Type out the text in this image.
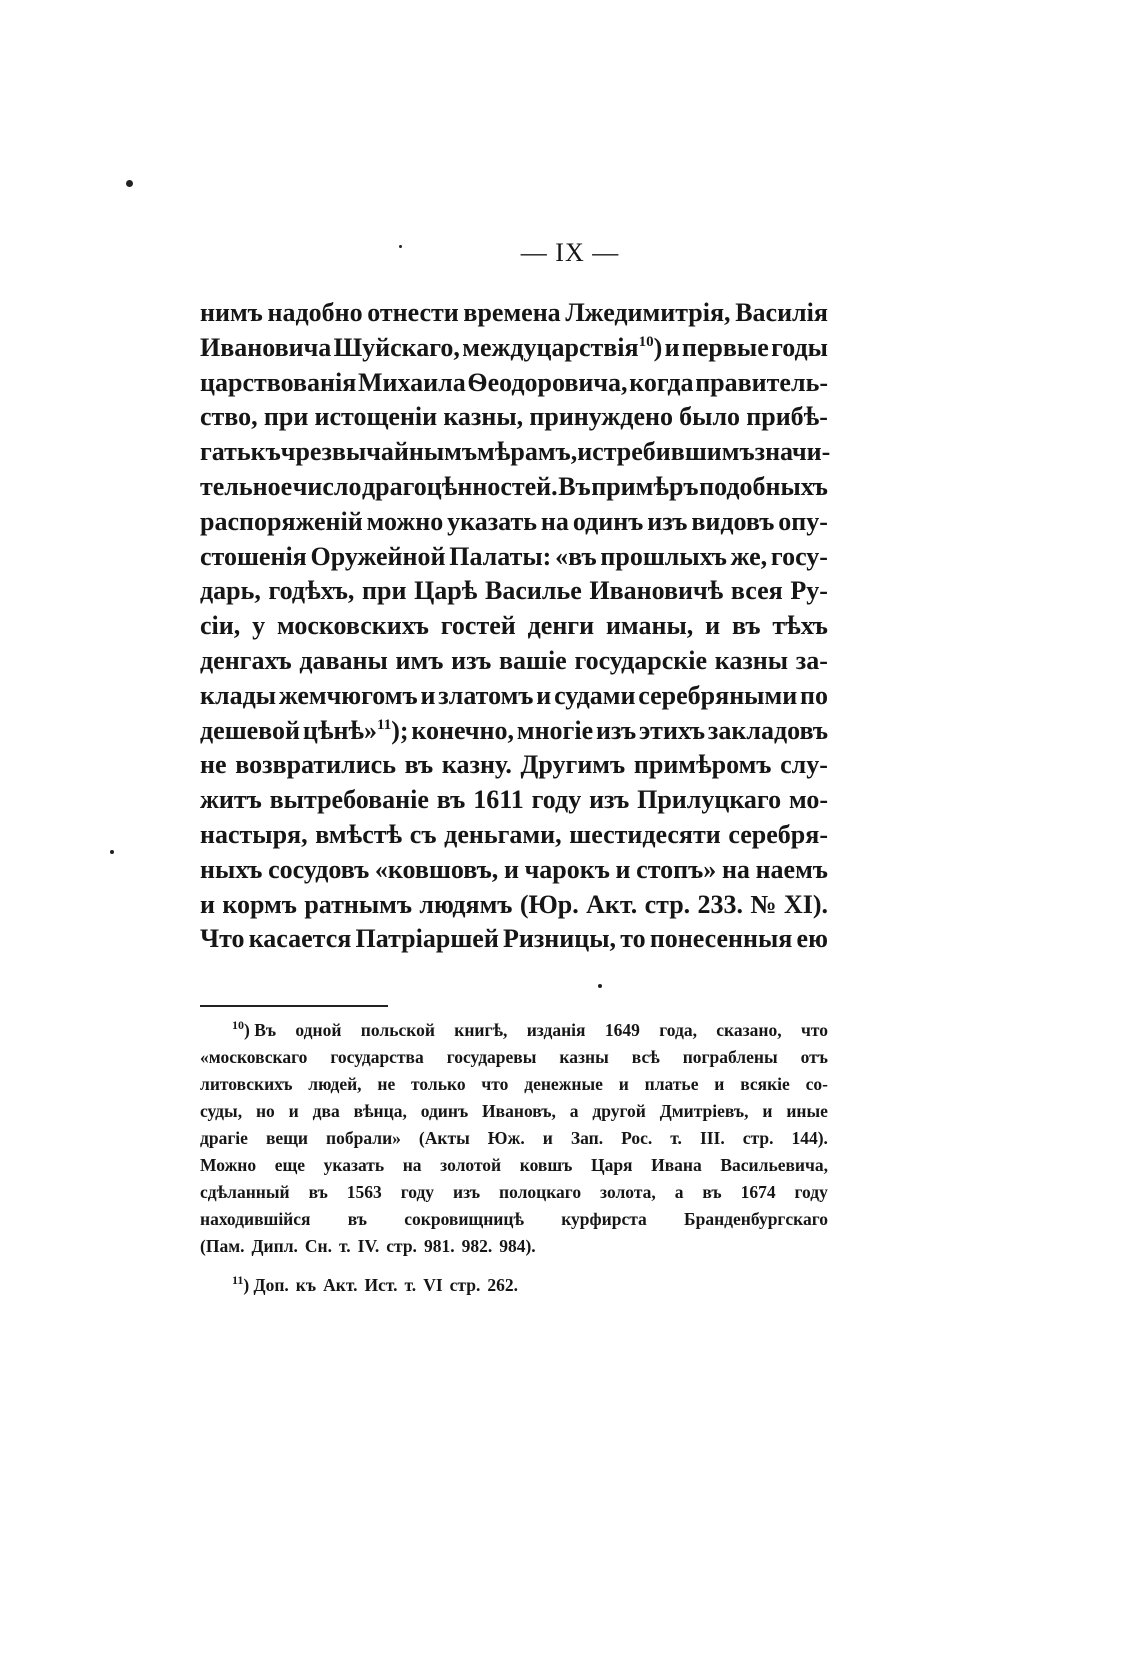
— IX —
нимъ надобно отнести времена Лжедимитрія, Василія
Ивановича Шуйскаго, междуцарствія10) и первые годы
царствованія Михаила Ѳеодоровича, когда правитель-
ство, при истощеніи казны, принуждено было прибѣ-
гать къ чрезвычайнымъ мѣрамъ, истребившимъ значи-
тельное число драгоцѣнностей. Въ примѣръ подобныхъ
распоряженій можно указать на одинъ изъ видовъ опу-
стошенія Оружейной Палаты: «въ прошлыхъ же, госу-
дарь, годѣхъ, при Царѣ Василье Ивановичѣ всея Ру-
сіи, у московскихъ гостей денги иманы, и въ тѣхъ
денгахъ даваны имъ изъ вашіе государскіе казны за-
клады жемчюгомъ и златомъ и судами серебряными по
дешевой цѣнѣ»11); конечно, многіе изъ этихъ закладовъ
не возвратились въ казну. Другимъ примѣромъ слу-
житъ вытребованіе въ 1611 году изъ Прилуцкаго мо-
настыря, вмѣстѣ съ деньгами, шестидесяти серебря-
ныхъ сосудовъ «ковшовъ, и чарокъ и стопъ» на наемъ
и кормъ ратнымъ людямъ (Юр. Акт. стр. 233. № XI).
Что касается Патріаршей Ризницы, то понесенныя ею
$^{10}$) Въ одной польской книгѣ, изданія 1649 года, сказано, что
«московскаго государства государевы казны всѣ пограблены отъ
литовскихъ людей, не только что денежные и платье и всякіе со-
суды, но и два вѣнца, одинъ Ивановъ, а другой Дмитріевъ, и иные
драгіе вещи побрали» (Акты Юж. и Зап. Рос. т. III. стр. 144).
Можно еще указать на золотой ковшъ Царя Ивана Васильевича,
сдѣланный въ 1563 году изъ полоцкаго золота, а въ 1674 году
находившійся въ сокровищницѣ курфирста Бранденбургскаго
(Пам. Дипл. Сн. т. IV. стр. 981. 982. 984).
$^{11}$) Доп. къ Акт. Ист. т. VI стр. 262.
